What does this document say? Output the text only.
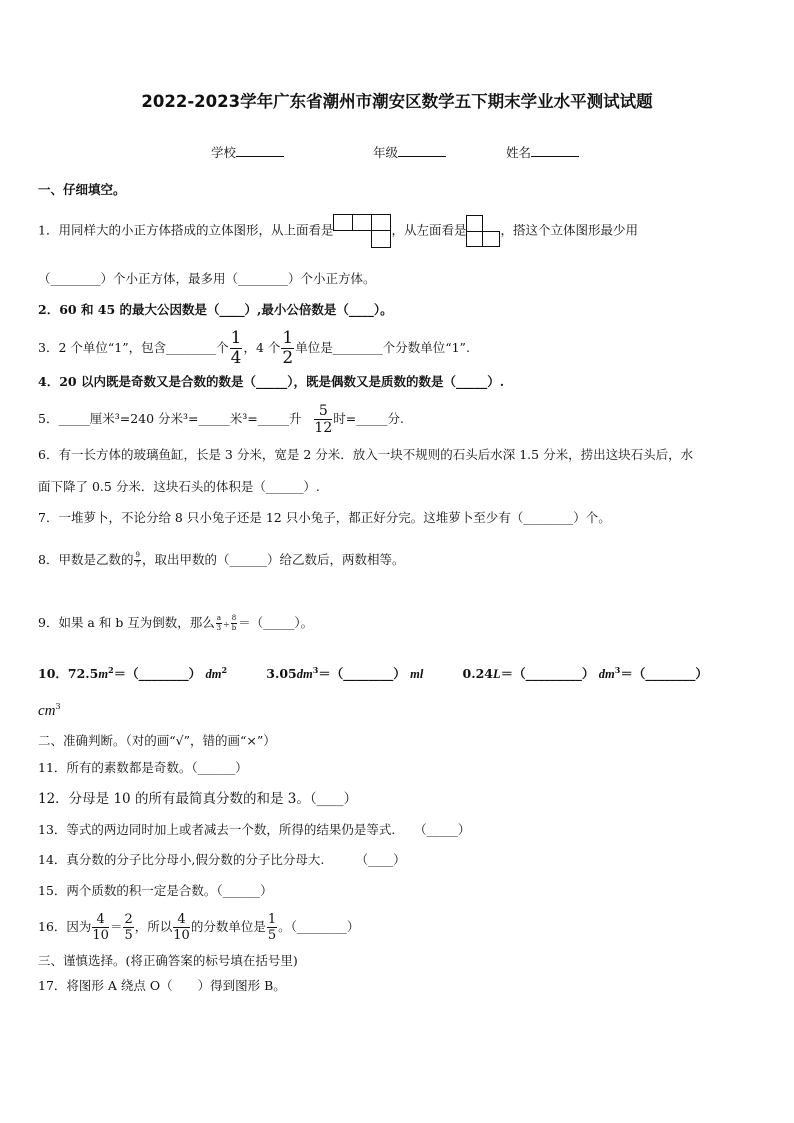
2022-2023学年广东省潮州市潮安区数学五下期末学业水平测试试题
学校	年级	姓名
一、仔细填空。
1．用同样大的小正方体搭成的立体图形，从上面看是	，从左面看是	，搭这个立体图形最少用
（________）个小正方体，最多用（________）个小正方体。
2．60 和 45 的最大公因数是（____）,最小公倍数是（____）。
3．2 个单位“1”，包含________个 $\frac{1}{4}$ ，4 个 $\frac{1}{2}$ 单位是________个分数单位“1”.
4．20 以内既是奇数又是合数的数是（_____），既是偶数又是质数的数是（_____）.
5．_____厘米³=240 分米³=_____米³=_____升 $\frac{5}{12}$ 时=_____分.
6．有一长方体的玻璃鱼缸，长是 3 分米，宽是 2 分米．放入一块不规则的石头后水深 1.5 分米，捞出这块石头后，水
面下降了 0.5 分米．这块石头的体积是（______）.
7．一堆萝卜，不论分给 8 只小兔子还是 12 只小兔子，都正好分完。这堆萝卜至少有（________）个。
8．甲数是乙数的 $\frac{9}{7}$ ，取出甲数的（______）给乙数后，两数相等。
9．如果 a 和 b 互为倒数，那么 $\frac{a}{3} \div \frac{8}{b}$ ＝（_____）。
10．$72.5m^2=(\_\_\_\_\_\_\_\_)$ $dm^2$	$3.05dm^3=(\_\_\_\_\_\_\_\_)$ ml	0.24L＝（_________） $dm^3=(\_\_\_\_\_\_\_\_)$
$cm^3$
二、准确判断。（对的画“√”，错的画“×”）
11．所有的素数都是奇数。（______）
12．分母是 10 的所有最简真分数的和是 3。（____）
13．等式的两边同时加上或者减去一个数，所得的结果仍是等式.　　（_____）
14．真分数的分子比分母小,假分数的分子比分母大.　　　（____）
15．两个质数的积一定是合数。（______）
16．因为 $\frac{4}{10} = \frac{2}{5}$ ，所以 $\frac{4}{10}$ 的分数单位是 $\frac{1}{5}$ 。（________）
三、谨慎选择。(将正确答案的标号填在括号里)
17．将图形 A 绕点 O（　　）得到图形 B。
